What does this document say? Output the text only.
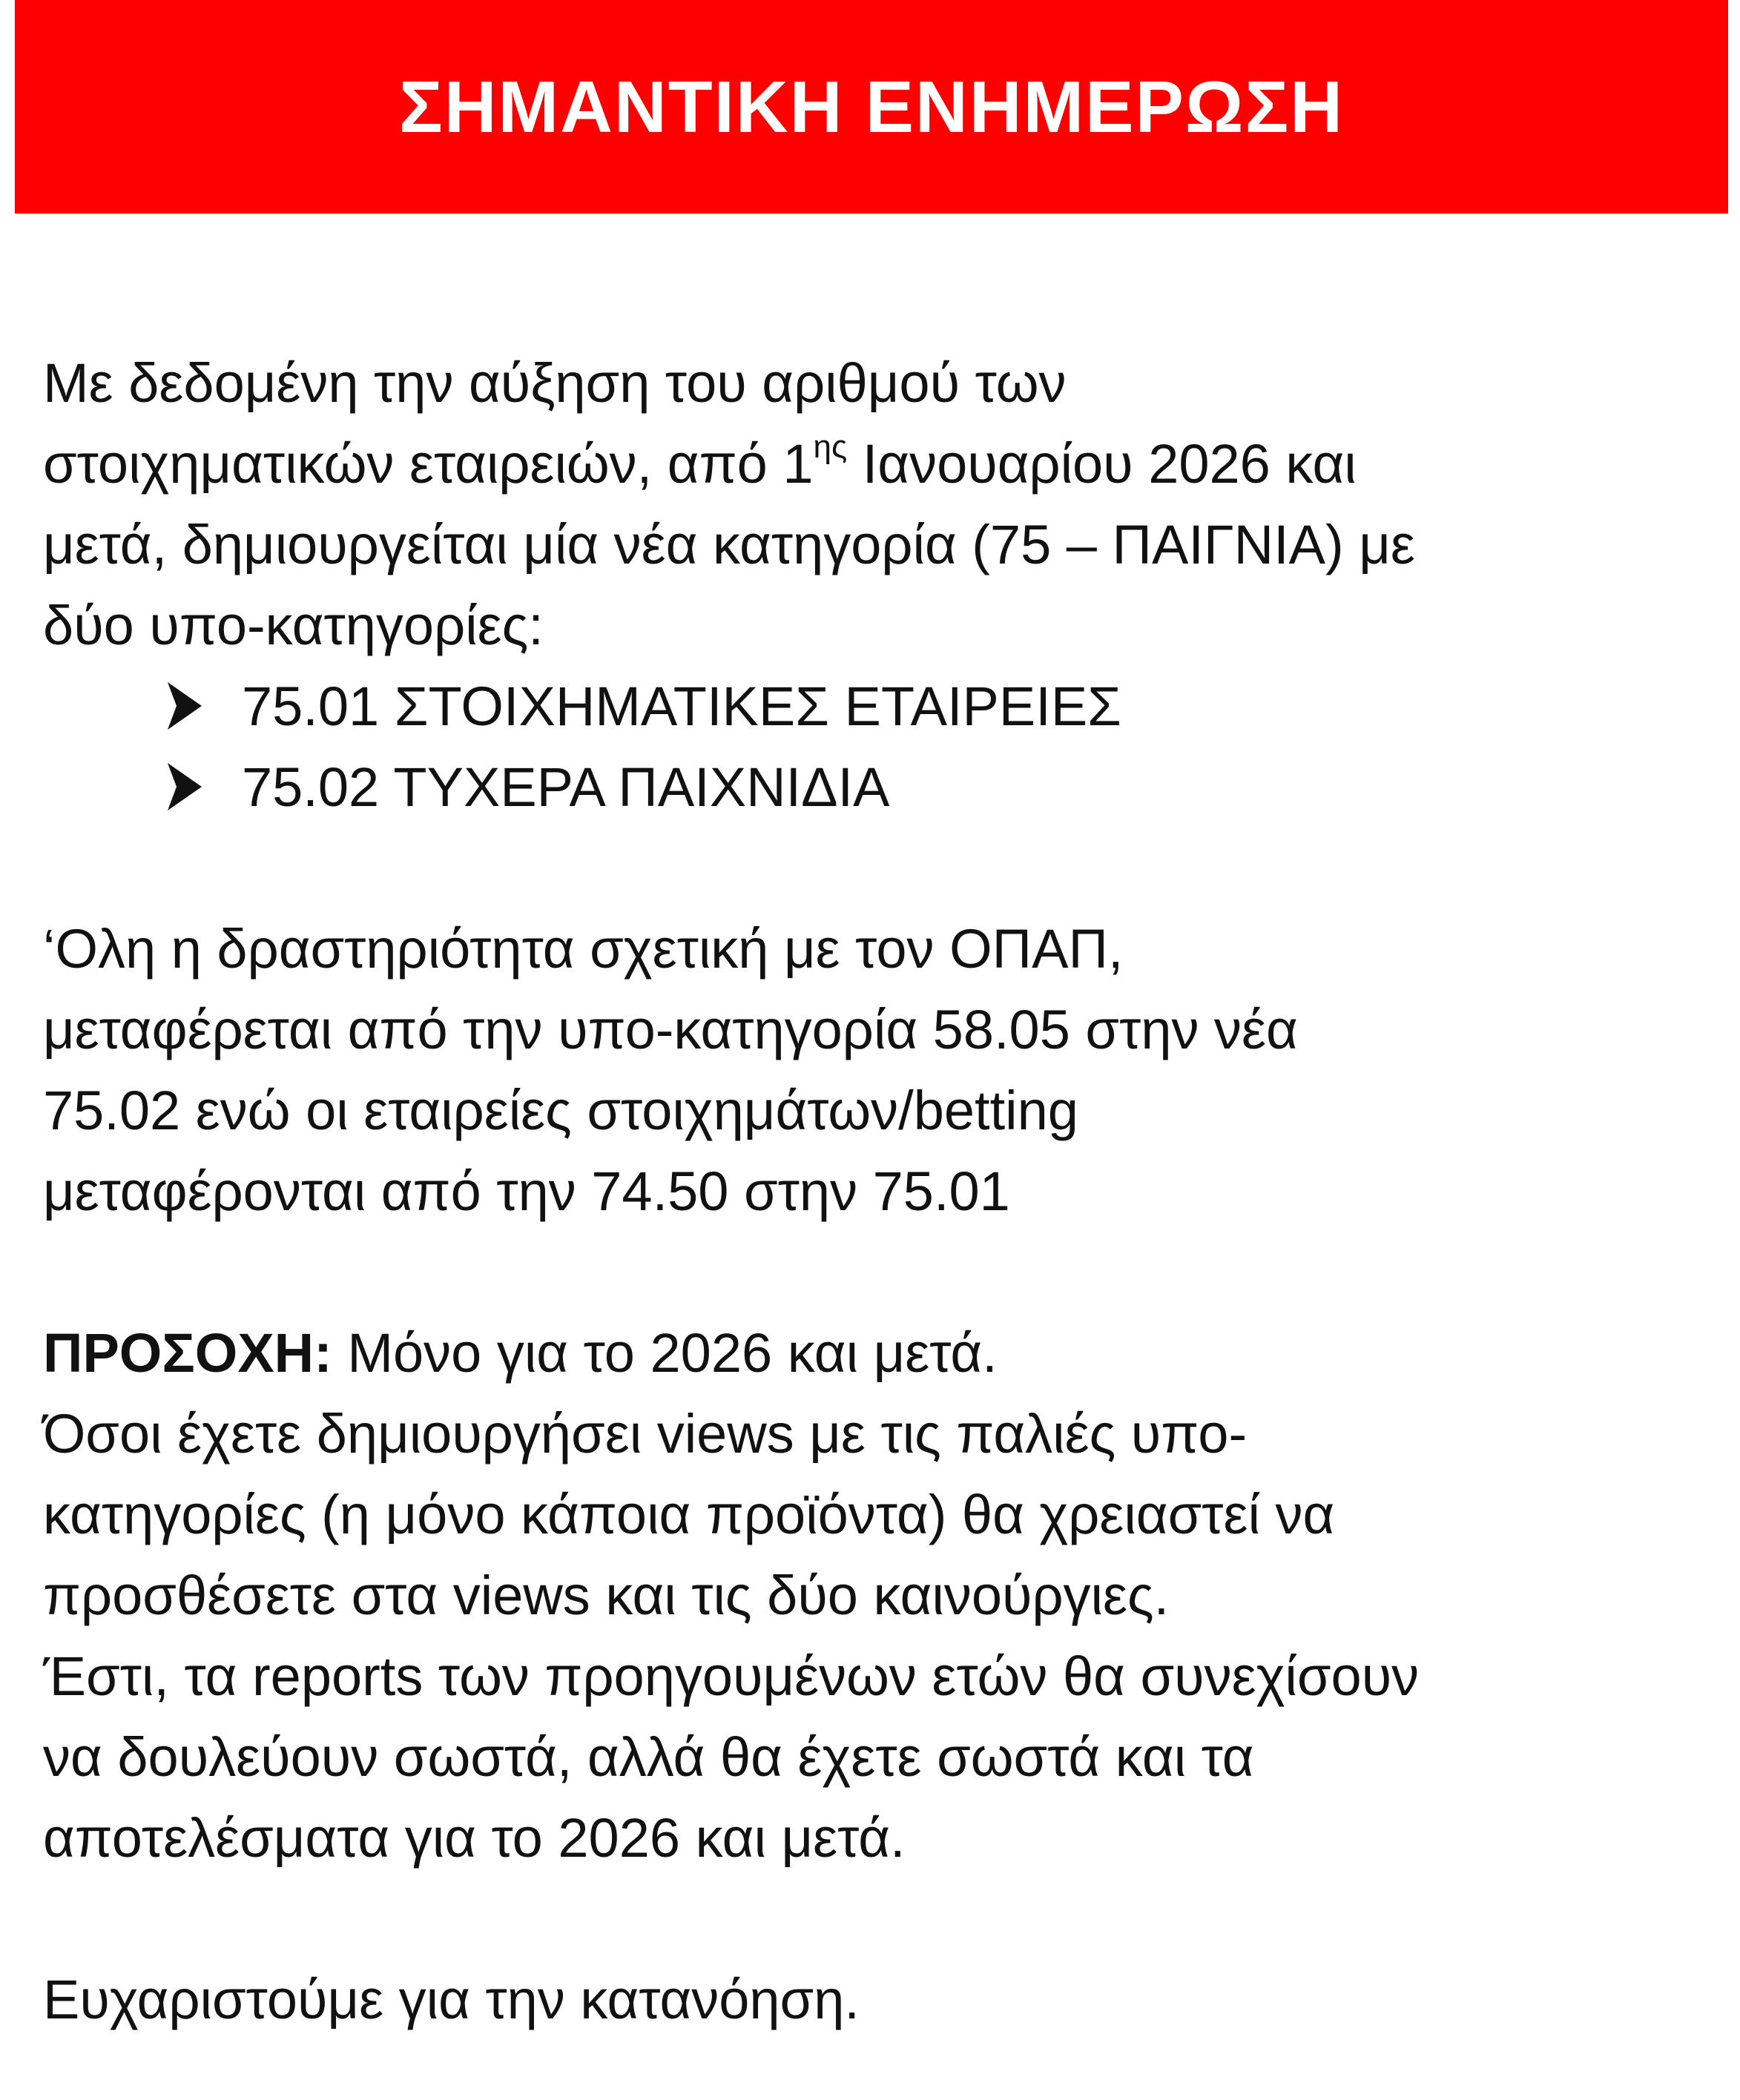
ΣΗΜΑΝΤΙΚΗ ΕΝΗΜΕΡΩΣΗ
Με δεδομένη την αύξηση του αριθμού των
στοιχηματικών εταιρειών, από $1^{\eta\varsigma}$ Ιανουαρίου 2026 και
μετά, δημιουργείται μία νέα κατηγορία (75 – ΠΑΙΓΝΙΑ) με
δύο υπο-κατηγορίες:
75.01 ΣΤΟΙΧΗΜΑΤΙΚΕΣ ΕΤΑΙΡΕΙΕΣ
75.02 ΤΥΧΕΡΑ ΠΑΙΧΝΙΔΙΑ
‘Ολη η δραστηριότητα σχετική με τον ΟΠΑΠ,
μεταφέρεται από την υπο-κατηγορία 58.05 στην νέα
75.02 ενώ οι εταιρείες στοιχημάτων/betting
μεταφέρονται από την 74.50 στην 75.01
ΠΡΟΣΟΧΗ: Μόνο για το 2026 και μετά.
Όσοι έχετε δημιουργήσει views με τις παλιές υπο-
κατηγορίες (η μόνο κάποια προϊόντα) θα χρειαστεί να
προσθέσετε στα views και τις δύο καινούργιες.
Έστι, τα reports των προηγουμένων ετών θα συνεχίσουν
να δουλεύουν σωστά, αλλά θα έχετε σωστά και τα
αποτελέσματα για το 2026 και μετά.
Ευχαριστούμε για την κατανόηση.
